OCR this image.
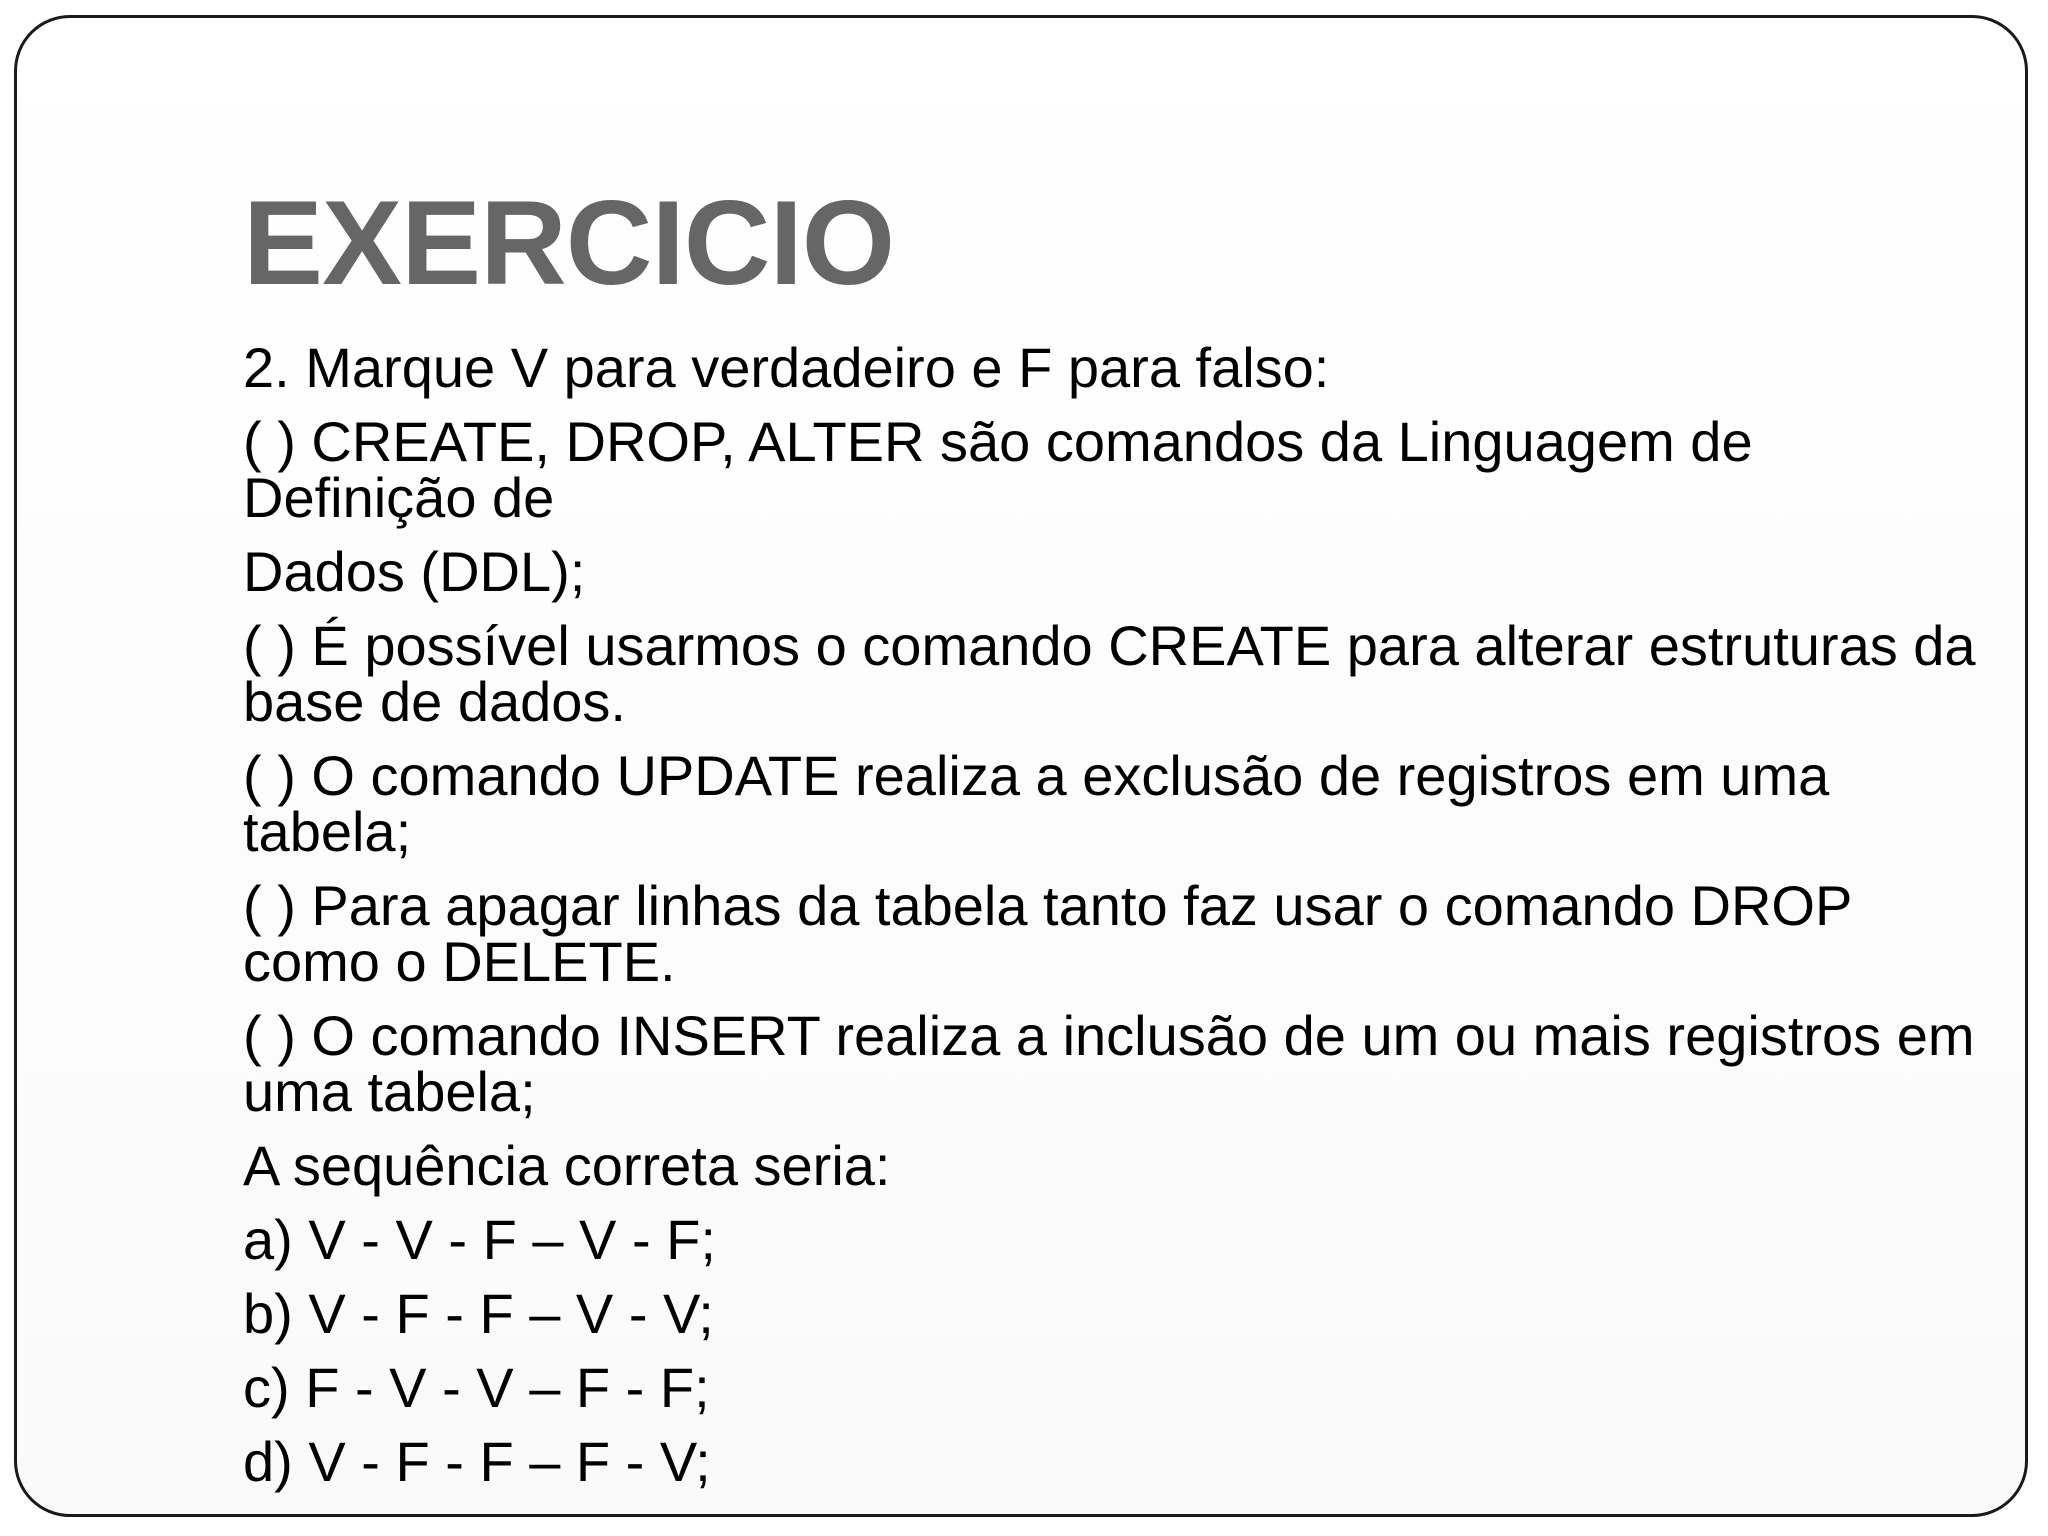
EXERCICIO

2. Marque V para verdadeiro e F para falso:

( ) CREATE, DROP, ALTER são comandos da Linguagem de Definição de

Dados (DDL);

( ) É possível usarmos o comando CREATE para alterar estruturas da base de dados.

( ) O comando UPDATE realiza a exclusão de registros em uma tabela;

( ) Para apagar linhas da tabela tanto faz usar o comando DROP como o DELETE.

( ) O comando INSERT realiza a inclusão de um ou mais registros em uma tabela;

A sequência correta seria:

a) V - V - F – V - F;

b) V - F - F – V - V;

c) F - V - V – F - F;

d) V - F - F – F - V;
